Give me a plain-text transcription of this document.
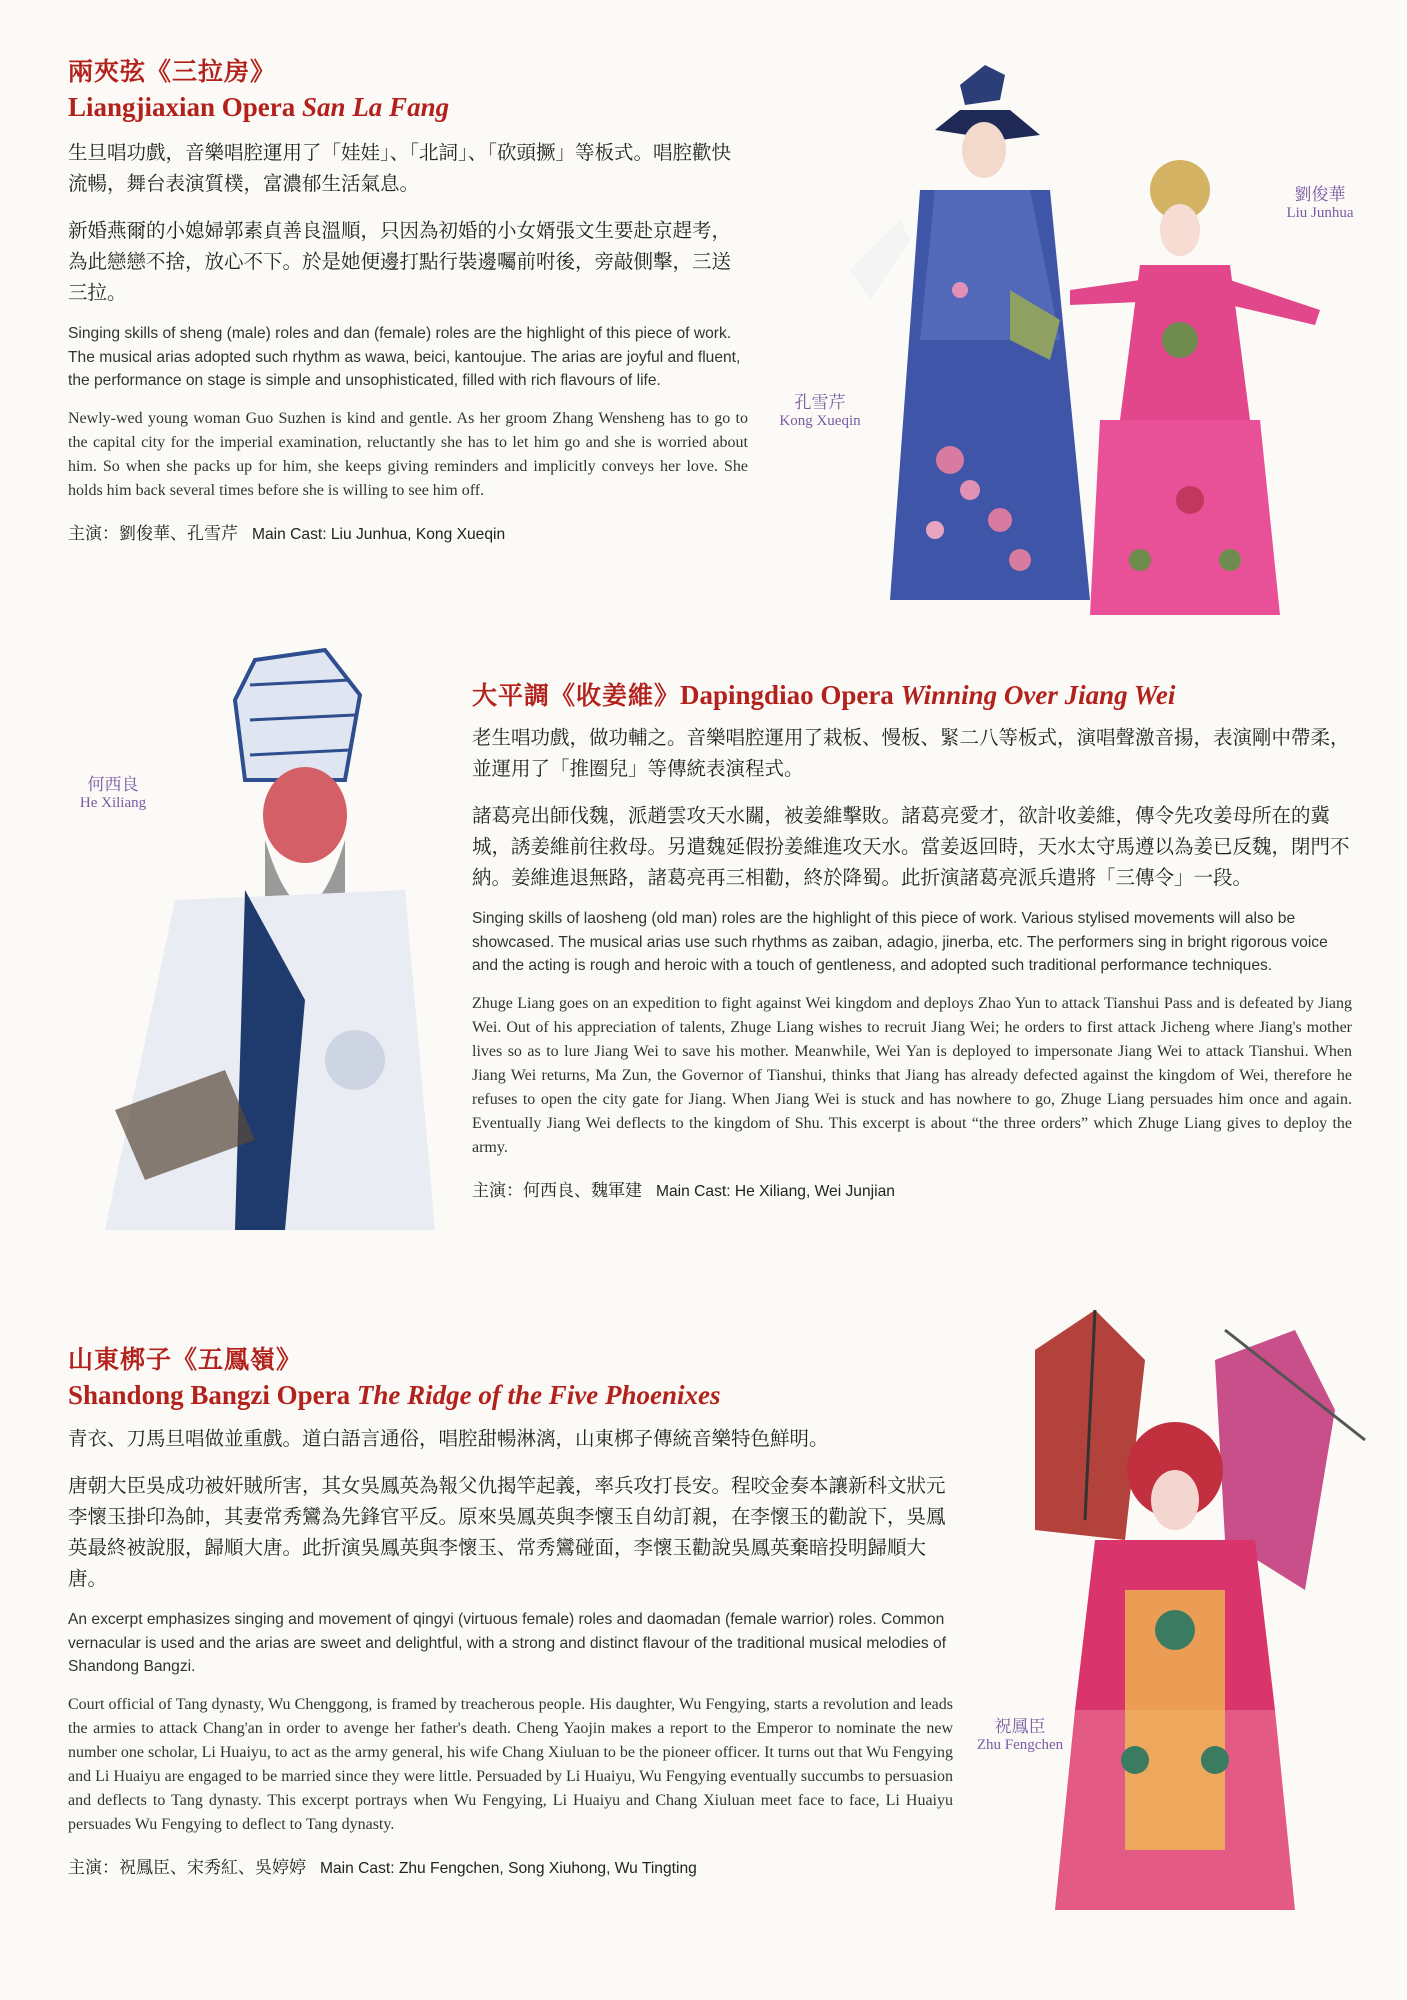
兩夾弦《三拉房》
Liangjiaxian Opera San La Fang

生旦唱功戲，音樂唱腔運用了「娃娃」、「北詞」、「砍頭撅」等板式。唱腔歡快流暢，舞台表演質樸，富濃郁生活氣息。

新婚燕爾的小媳婦郭素貞善良溫順，只因為初婚的小女婿張文生要赴京趕考，為此戀戀不捨，放心不下。於是她便邊打點行裝邊囑前咐後，旁敲側擊，三送三拉。

Singing skills of sheng (male) roles and dan (female) roles are the highlight of this piece of work. The musical arias adopted such rhythm as wawa, beici, kantoujue. The arias are joyful and fluent, the performance on stage is simple and unsophisticated, filled with rich flavours of life.

Newly-wed young woman Guo Suzhen is kind and gentle. As her groom Zhang Wensheng has to go to the capital city for the imperial examination, reluctantly she has to let him go and she is worried about him. So when she packs up for him, she keeps giving reminders and implicitly conveys her love. She holds him back several times before she is willing to see him off.

主演：劉俊華、孔雪芹 Main Cast: Liu Junhua, Kong Xueqin
劉俊華
Liu Junhua
孔雪芹
Kong Xueqin
何西良
He Xiliang
大平調《收姜維》Dapingdiao Opera Winning Over Jiang Wei

老生唱功戲，做功輔之。音樂唱腔運用了栽板、慢板、緊二八等板式，演唱聲激音揚，表演剛中帶柔，並運用了「推圈兒」等傳統表演程式。

諸葛亮出師伐魏，派趙雲攻天水關，被姜維擊敗。諸葛亮愛才，欲計收姜維，傳令先攻姜母所在的冀城，誘姜維前往救母。另遣魏延假扮姜維進攻天水。當姜返回時，天水太守馬遵以為姜已反魏，閉門不納。姜維進退無路，諸葛亮再三相勸，終於降蜀。此折演諸葛亮派兵遣將「三傳令」一段。

Singing skills of laosheng (old man) roles are the highlight of this piece of work. Various stylised movements will also be showcased. The musical arias use such rhythms as zaiban, adagio, jinerba, etc. The performers sing in bright rigorous voice and the acting is rough and heroic with a touch of gentleness, and adopted such traditional performance techniques.

Zhuge Liang goes on an expedition to fight against Wei kingdom and deploys Zhao Yun to attack Tianshui Pass and is defeated by Jiang Wei. Out of his appreciation of talents, Zhuge Liang wishes to recruit Jiang Wei; he orders to first attack Jicheng where Jiang's mother lives so as to lure Jiang Wei to save his mother. Meanwhile, Wei Yan is deployed to impersonate Jiang Wei to attack Tianshui. When Jiang Wei returns, Ma Zun, the Governor of Tianshui, thinks that Jiang has already defected against the kingdom of Wei, therefore he refuses to open the city gate for Jiang. When Jiang Wei is stuck and has nowhere to go, Zhuge Liang persuades him once and again. Eventually Jiang Wei deflects to the kingdom of Shu. This excerpt is about “the three orders” which Zhuge Liang gives to deploy the army.

主演：何西良、魏軍建 Main Cast: He Xiliang, Wei Junjian
山東梆子《五鳳嶺》
Shandong Bangzi Opera The Ridge of the Five Phoenixes

青衣、刀馬旦唱做並重戲。道白語言通俗，唱腔甜暢淋漓，山東梆子傳統音樂特色鮮明。

唐朝大臣吳成功被奸賊所害，其女吳鳳英為報父仇揭竿起義，率兵攻打長安。程咬金奏本讓新科文狀元李懷玉掛印為帥，其妻常秀鸞為先鋒官平反。原來吳鳳英與李懷玉自幼訂親，在李懷玉的勸說下，吳鳳英最終被說服，歸順大唐。此折演吳鳳英與李懷玉、常秀鸞碰面，李懷玉勸說吳鳳英棄暗投明歸順大唐。

An excerpt emphasizes singing and movement of qingyi (virtuous female) roles and daomadan (female warrior) roles. Common vernacular is used and the arias are sweet and delightful, with a strong and distinct flavour of the traditional musical melodies of Shandong Bangzi.

Court official of Tang dynasty, Wu Chenggong, is framed by treacherous people. His daughter, Wu Fengying, starts a revolution and leads the armies to attack Chang'an in order to avenge her father's death. Cheng Yaojin makes a report to the Emperor to nominate the new number one scholar, Li Huaiyu, to act as the army general, his wife Chang Xiuluan to be the pioneer officer. It turns out that Wu Fengying and Li Huaiyu are engaged to be married since they were little. Persuaded by Li Huaiyu, Wu Fengying eventually succumbs to persuasion and deflects to Tang dynasty. This excerpt portrays when Wu Fengying, Li Huaiyu and Chang Xiuluan meet face to face, Li Huaiyu persuades Wu Fengying to deflect to Tang dynasty.

主演：祝鳳臣、宋秀紅、吳婷婷 Main Cast: Zhu Fengchen, Song Xiuhong, Wu Tingting
祝鳳臣
Zhu Fengchen
